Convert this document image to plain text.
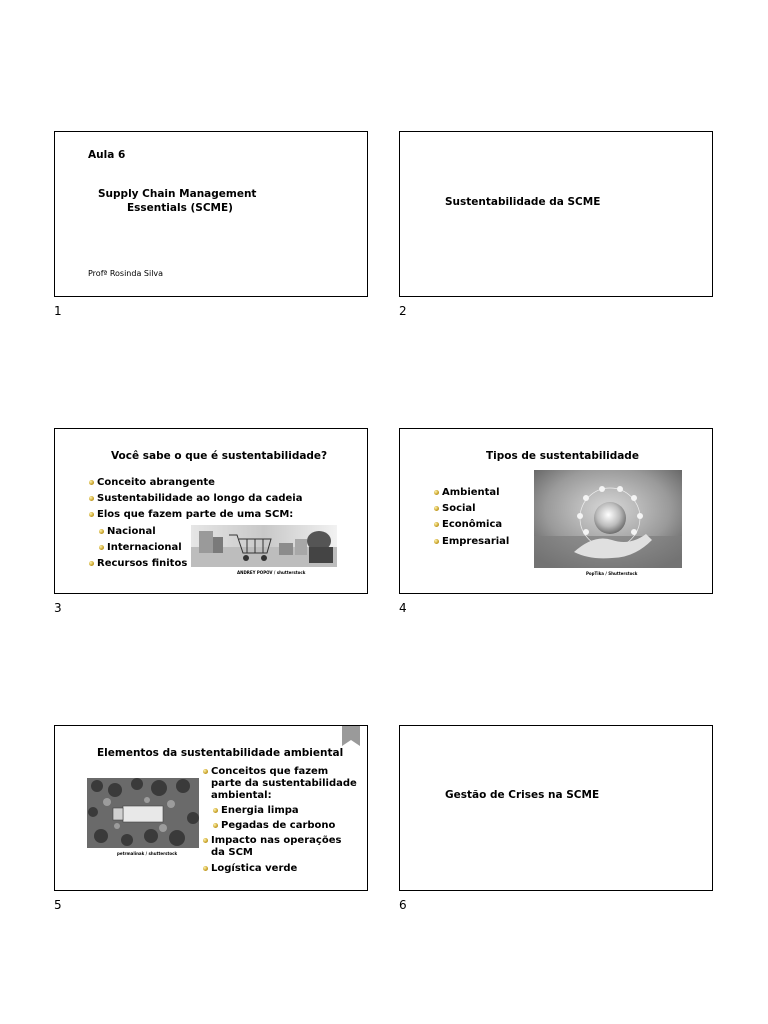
Aula 6
Supply Chain Management
Essentials (SCME)
Profª Rosinda Silva
1
Sustentabilidade da SCME
2
Você sabe o que é sustentabilidade?
Conceito abrangente
Sustentabilidade ao longo da cadeia
Elos que fazem parte de uma SCM:
Nacional
Internacional
Recursos finitos
ANDREY POPOV / shutterstock
3
Tipos de sustentabilidade
Ambiental
Social
Econômica
Empresarial
PopTika / Shutterstock
4
Elementos da sustentabilidade ambiental
petrmalinak / shutterstock
Conceitos que fazem
parte da sustentabilidade
ambiental:
Energia limpa
Pegadas de carbono
Impacto nas operações
da SCM
Logística verde
5
Gestão de Crises na SCME
6
